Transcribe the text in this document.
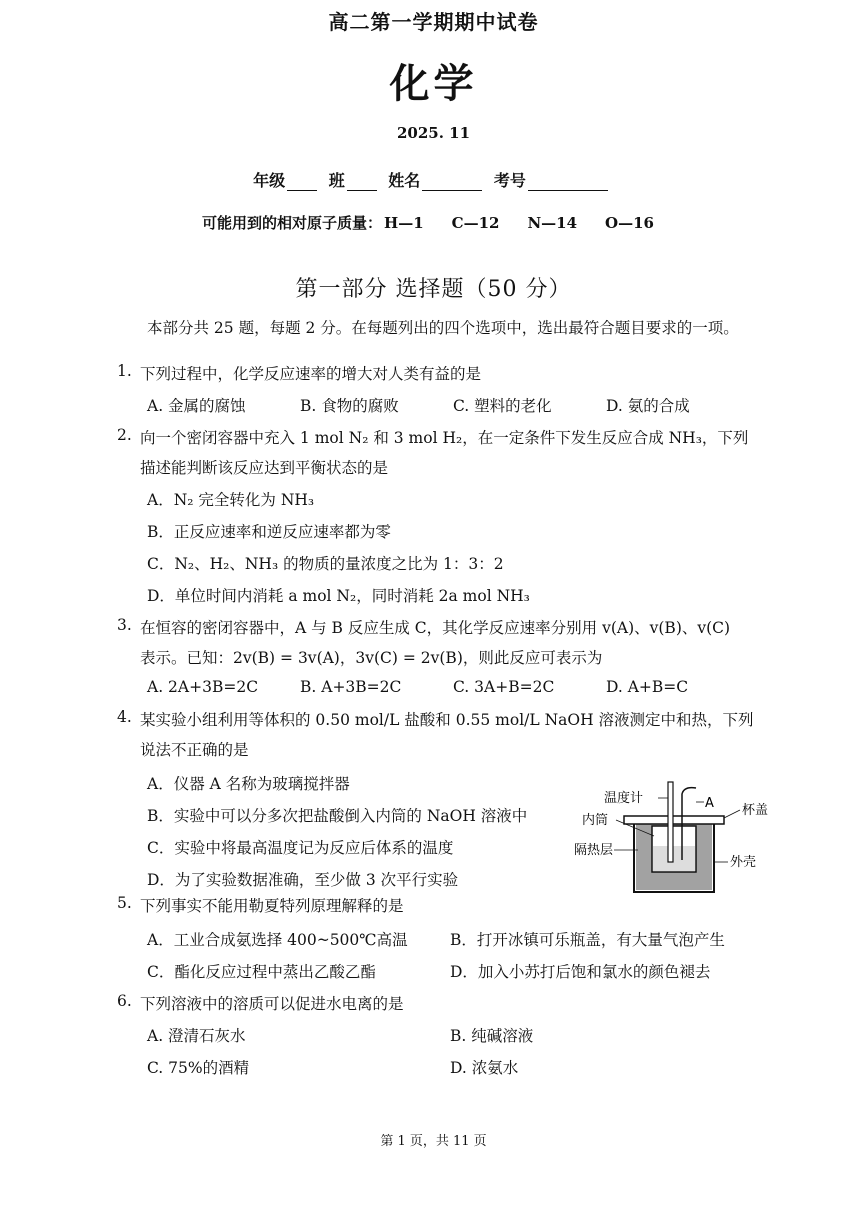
高二第一学期期中试卷
化学
2025. 11
年级	班	姓名	考号
可能用到的相对原子质量： H—1 C—12 N—14 O—16
第一部分 选择题（50 分）
本部分共 25 题，每题 2 分。在每题列出的四个选项中，选出最符合题目要求的一项。
1. 下列过程中，化学反应速率的增大对人类有益的是
A. 金属的腐蚀	B. 食物的腐败	C. 塑料的老化	D. 氨的合成
2. 向一个密闭容器中充入 1 mol N₂ 和 3 mol H₂，在一定条件下发生反应合成 NH₃，下列
描述能判断该反应达到平衡状态的是
A．N₂ 完全转化为 NH₃
B．正反应速率和逆反应速率都为零
C．N₂、H₂、NH₃ 的物质的量浓度之比为 1：3：2
D．单位时间内消耗 a mol N₂，同时消耗 2a mol NH₃
3. 在恒容的密闭容器中，A 与 B 反应生成 C，其化学反应速率分别用 v(A)、v(B)、v(C)
表示。已知：2v(B) = 3v(A)，3v(C) = 2v(B)，则此反应可表示为
A. 2A+3B=2C	B. A+3B=2C	C. 3A+B=2C	D. A+B=C
4. 某实验小组利用等体积的 0.50 mol/L 盐酸和 0.55 mol/L NaOH 溶液测定中和热，下列
说法不正确的是
A．仪器 A 名称为玻璃搅拌器
B．实验中可以分多次把盐酸倒入内筒的 NaOH 溶液中
C．实验中将最高温度记为反应后体系的温度
D．为了实验数据准确，至少做 3 次平行实验
温度计	A 杯盖
内筒
隔热层
外壳
5. 下列事实不能用勒夏特列原理解释的是
A．工业合成氨选择 400~500℃高温	B．打开冰镇可乐瓶盖，有大量气泡产生
C．酯化反应过程中蒸出乙酸乙酯	D．加入小苏打后饱和氯水的颜色褪去
6. 下列溶液中的溶质可以促进水电离的是
A. 澄清石灰水	B. 纯碱溶液
C. 75%的酒精	D. 浓氨水
第 1 页，共 11 页
